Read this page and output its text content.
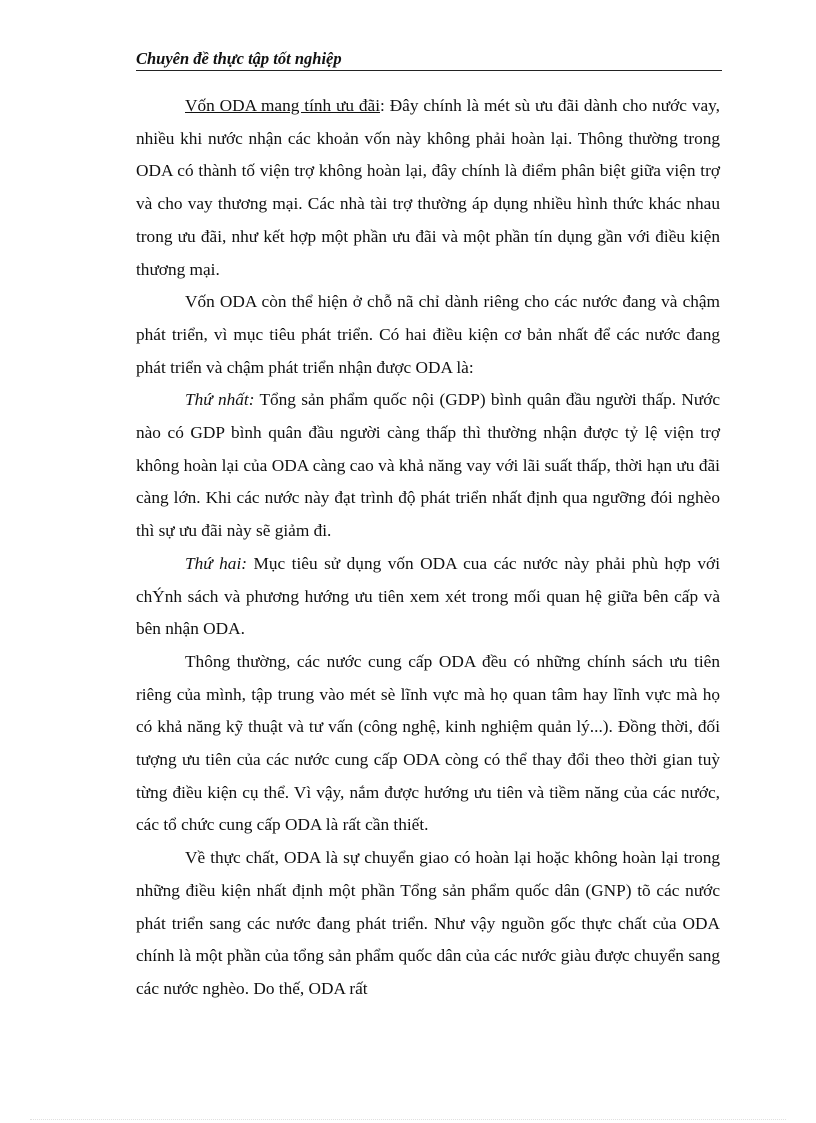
Chuyên đề thực tập tốt nghiệp

Vốn ODA mang tính ưu đãi: Đây chính là mét sù ưu đãi dành cho nước vay, nhiều khi nước nhận các khoản vốn này không phải hoàn lại. Thông thường trong ODA có thành tố viện trợ không hoàn lại, đây chính là điểm phân biệt giữa viện trợ và cho vay thương mại. Các nhà tài trợ thường áp dụng nhiều hình thức khác nhau trong ưu đãi, như kết hợp một phần ưu đãi và một phần tín dụng gần với điều kiện thương mại.

Vốn ODA còn thể hiện ở chỗ nã chỉ dành riêng cho các nước đang và chậm phát triển, vì mục tiêu phát triển. Có hai điều kiện cơ bản nhất để các nước đang phát triển và chậm phát triển nhận được ODA là:

Thứ nhất: Tổng sản phẩm quốc nội (GDP) bình quân đầu người thấp. Nước nào có GDP bình quân đầu người càng thấp thì thường nhận được tỷ lệ viện trợ không hoàn lại của ODA càng cao và khả năng vay với lãi suất thấp, thời hạn ưu đãi càng lớn. Khi các nước này đạt trình độ phát triển nhất định qua ngưỡng đói nghèo thì sự ưu đãi này sẽ giảm đi.

Thứ hai: Mục tiêu sử dụng vốn ODA cua các nước này phải phù hợp với chÝnh sách và phương hướng ưu tiên xem xét trong mối quan hệ giữa bên cấp và bên nhận ODA.

Thông thường, các nước cung cấp ODA đều có những chính sách ưu tiên riêng của mình, tập trung vào mét sè lĩnh vực mà họ quan tâm hay lĩnh vực mà họ có khả năng kỹ thuật và tư vấn (công nghệ, kinh nghiệm quản lý...). Đồng thời, đối tượng ưu tiên của các nước cung cấp ODA còng có thể thay đổi theo thời gian tuỳ từng điều kiện cụ thể. Vì vậy, nắm được hướng ưu tiên và tiềm năng của các nước, các tổ chức cung cấp ODA là rất cần thiết.

Về thực chất, ODA là sự chuyển giao có hoàn lại hoặc không hoàn lại trong những điều kiện nhất định một phần Tổng sản phẩm quốc dân (GNP) tõ các nước phát triển sang các nước đang phát triển. Như vậy nguồn gốc thực chất của ODA chính là một phần của tổng sản phẩm quốc dân của các nước giàu được chuyển sang các nước nghèo. Do thế, ODA rất
